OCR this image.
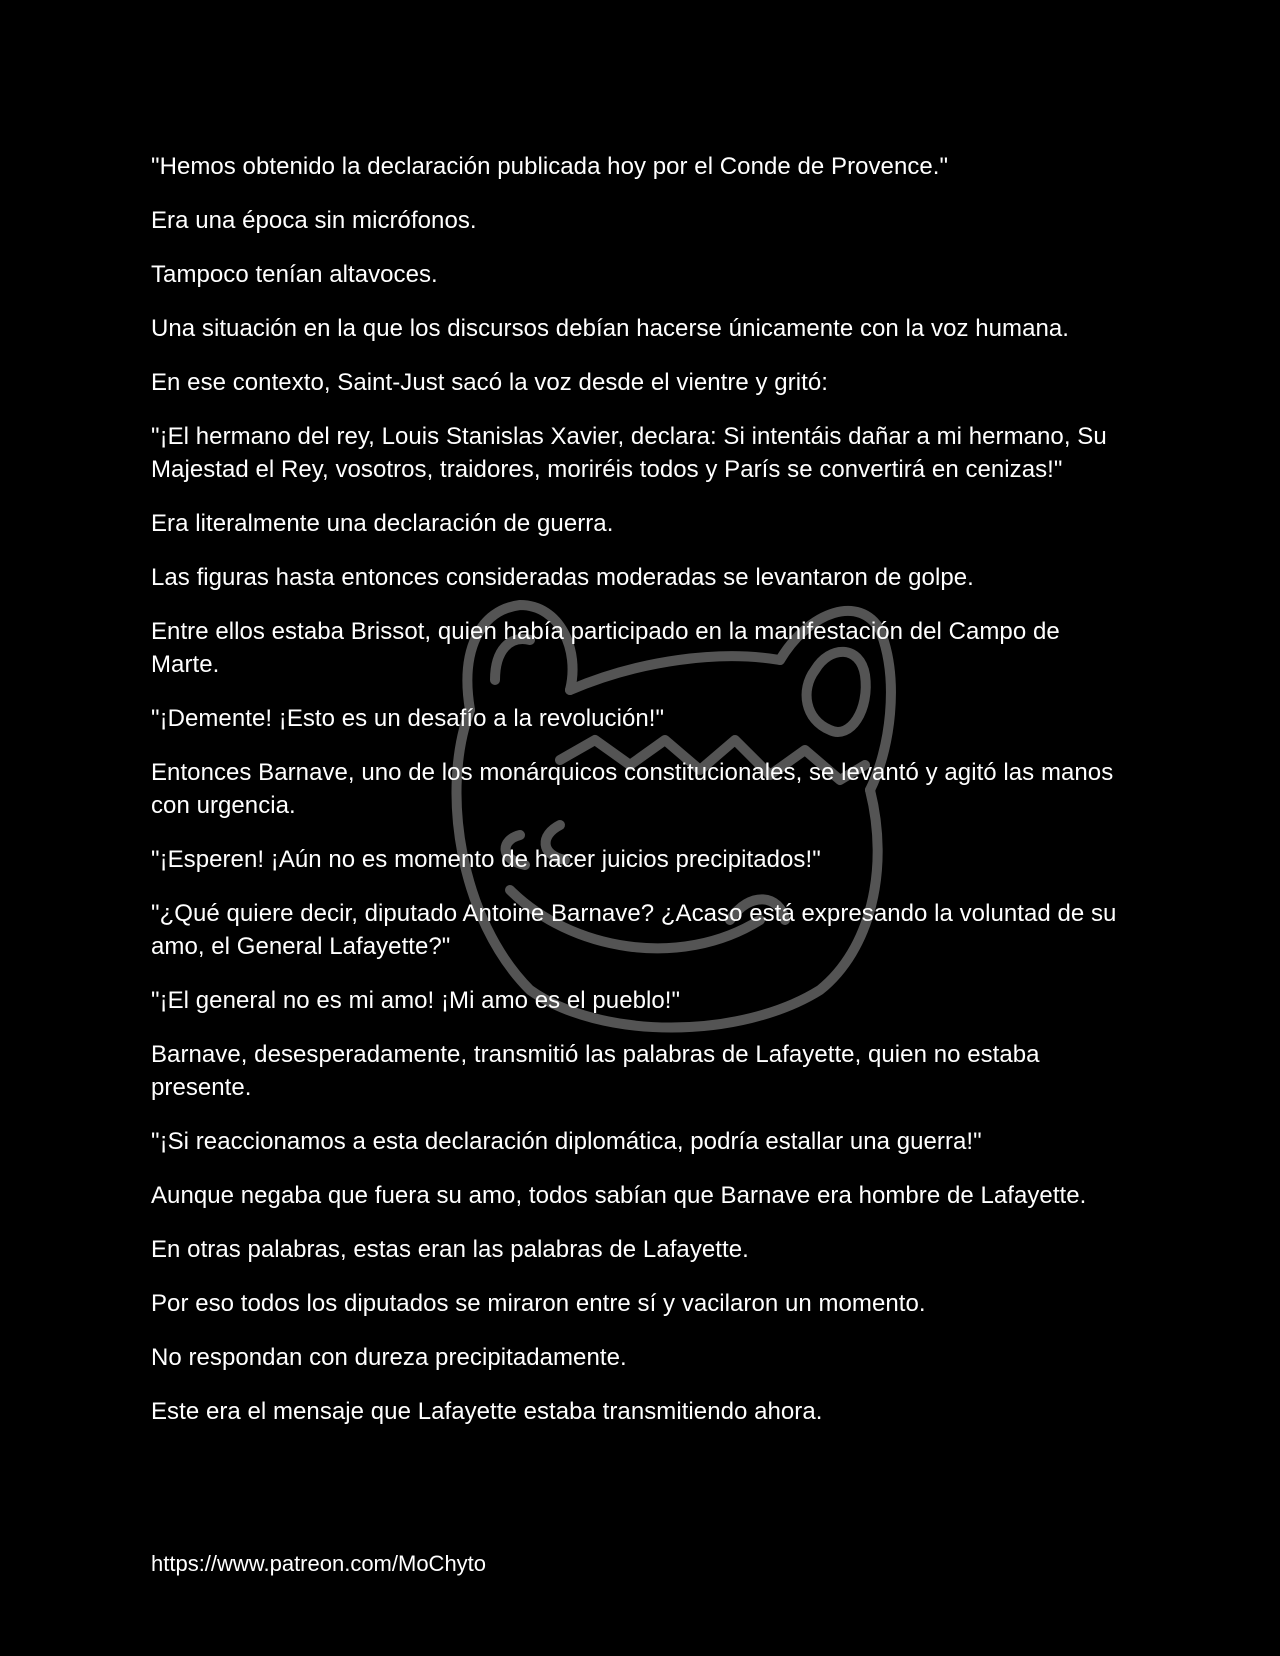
"Hemos obtenido la declaración publicada hoy por el Conde de Provence."

Era una época sin micrófonos.

Tampoco tenían altavoces.

Una situación en la que los discursos debían hacerse únicamente con la voz humana.

En ese contexto, Saint-Just sacó la voz desde el vientre y gritó:

"¡El hermano del rey, Louis Stanislas Xavier, declara: Si intentáis dañar a mi hermano, Su Majestad el Rey, vosotros, traidores, moriréis todos y París se convertirá en cenizas!"

Era literalmente una declaración de guerra.

Las figuras hasta entonces consideradas moderadas se levantaron de golpe.

Entre ellos estaba Brissot, quien había participado en la manifestación del Campo de Marte.

"¡Demente! ¡Esto es un desafío a la revolución!"

Entonces Barnave, uno de los monárquicos constitucionales, se levantó y agitó las manos con urgencia.

"¡Esperen! ¡Aún no es momento de hacer juicios precipitados!"

"¿Qué quiere decir, diputado Antoine Barnave? ¿Acaso está expresando la voluntad de su amo, el General Lafayette?"

"¡El general no es mi amo! ¡Mi amo es el pueblo!"

Barnave, desesperadamente, transmitió las palabras de Lafayette, quien no estaba presente.

"¡Si reaccionamos a esta declaración diplomática, podría estallar una guerra!"

Aunque negaba que fuera su amo, todos sabían que Barnave era hombre de Lafayette.

En otras palabras, estas eran las palabras de Lafayette.

Por eso todos los diputados se miraron entre sí y vacilaron un momento.

No respondan con dureza precipitadamente.

Este era el mensaje que Lafayette estaba transmitiendo ahora.

https://www.patreon.com/MoChyto
